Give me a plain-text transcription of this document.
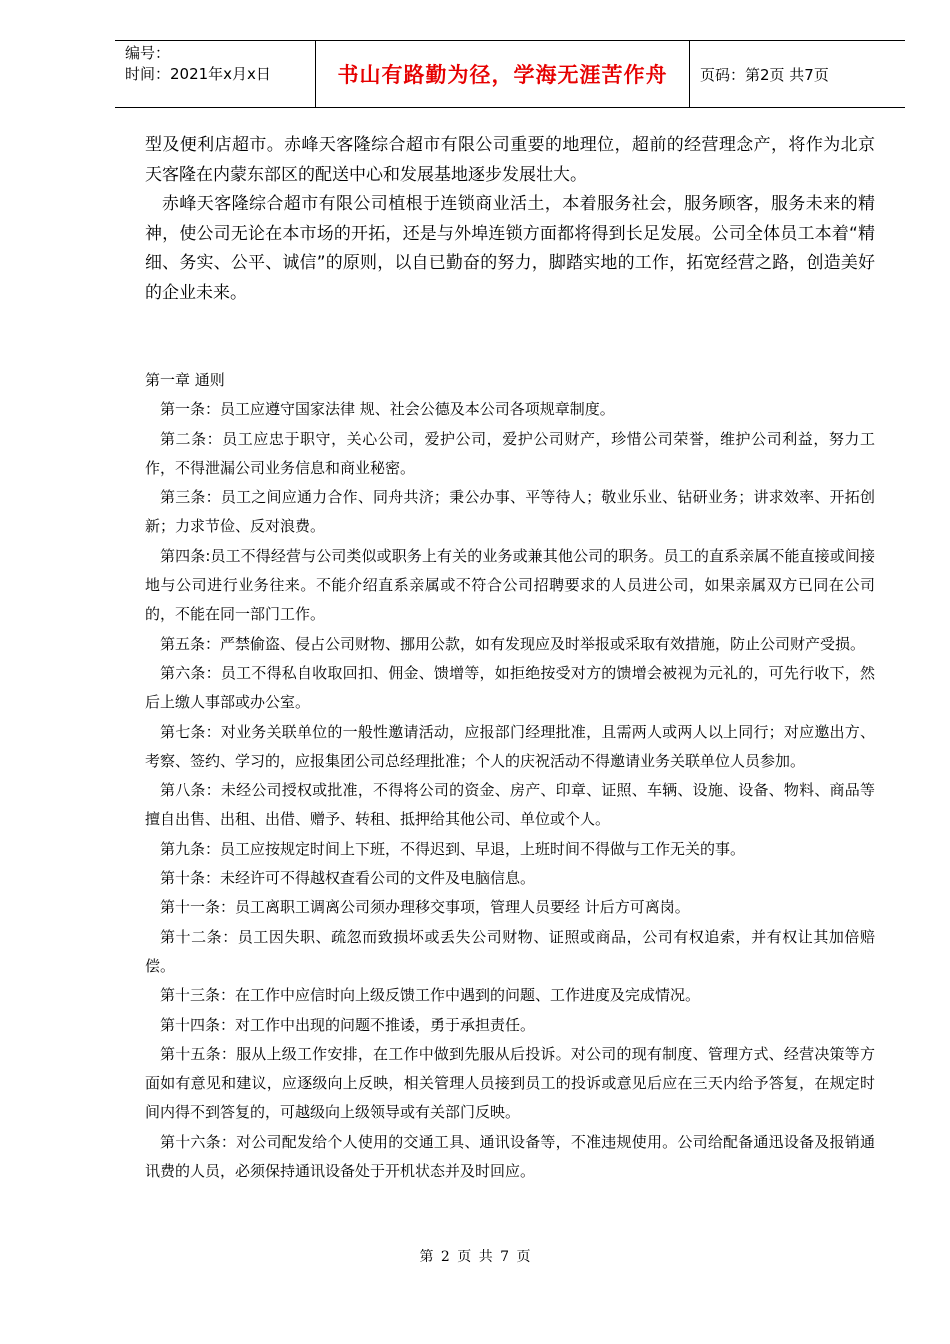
编号：
时间：2021年x月x日	书山有路勤为径，学海无涯苦作舟	页码：第2页 共7页

型及便利店超市。赤峰天客隆综合超市有限公司重要的地理位，超前的经营理念产，将作为北京天客隆在内蒙东部区的配送中心和发展基地逐步发展壮大。

赤峰天客隆综合超市有限公司植根于连锁商业活土，本着服务社会，服务顾客，服务未来的精神，使公司无论在本市场的开拓，还是与外埠连锁方面都将得到长足发展。公司全体员工本着“精细、务实、公平、诚信”的原则，以自已勤奋的努力，脚踏实地的工作，拓宽经营之路，创造美好的企业未来。

第一章 通则

第一条：员工应遵守国家法律 规、社会公德及本公司各项规章制度。

第二条：员工应忠于职守，关心公司，爱护公司，爱护公司财产，珍惜公司荣誉，维护公司利益，努力工作，不得泄漏公司业务信息和商业秘密。

第三条：员工之间应通力合作、同舟共济；秉公办事、平等待人；敬业乐业、钻研业务；讲求效率、开拓创新；力求节俭、反对浪费。

第四条:员工不得经营与公司类似或职务上有关的业务或兼其他公司的职务。员工的直系亲属不能直接或间接地与公司进行业务往来。不能介绍直系亲属或不符合公司招聘要求的人员进公司，如果亲属双方已同在公司的，不能在同一部门工作。

第五条：严禁偷盗、侵占公司财物、挪用公款，如有发现应及时举报或采取有效措施，防止公司财产受损。

第六条：员工不得私自收取回扣、佣金、馈增等，如拒绝按受对方的馈增会被视为元礼的，可先行收下，然后上缴人事部或办公室。

第七条：对业务关联单位的一般性邀请活动，应报部门经理批准，且需两人或两人以上同行；对应邀出方、考察、签约、学习的，应报集团公司总经理批准；个人的庆祝活动不得邀请业务关联单位人员参加。

第八条：未经公司授权或批准，不得将公司的资金、房产、印章、证照、车辆、设施、设备、物料、商品等擅自出售、出租、出借、赠予、转租、抵押给其他公司、单位或个人。

第九条：员工应按规定时间上下班，不得迟到、早退，上班时间不得做与工作无关的事。

第十条：未经许可不得越权查看公司的文件及电脑信息。

第十一条：员工离职工调离公司须办理移交事项，管理人员要经 计后方可离岗。

第十二条：员工因失职、疏忽而致损坏或丢失公司财物、证照或商品，公司有权追索，并有权让其加倍赔偿。

第十三条：在工作中应信时向上级反馈工作中遇到的问题、工作进度及完成情况。

第十四条：对工作中出现的问题不推诿，勇于承担责任。

第十五条：服从上级工作安排，在工作中做到先服从后投诉。对公司的现有制度、管理方式、经营决策等方面如有意见和建议，应逐级向上反映，相关管理人员接到员工的投诉或意见后应在三天内给予答复，在规定时间内得不到答复的，可越级向上级领导或有关部门反映。

第十六条：对公司配发给个人使用的交通工具、通讯设备等，不准违规使用。公司给配备通迅设备及报销通讯费的人员，必须保持通讯设备处于开机状态并及时回应。

第 2 页 共 7 页
